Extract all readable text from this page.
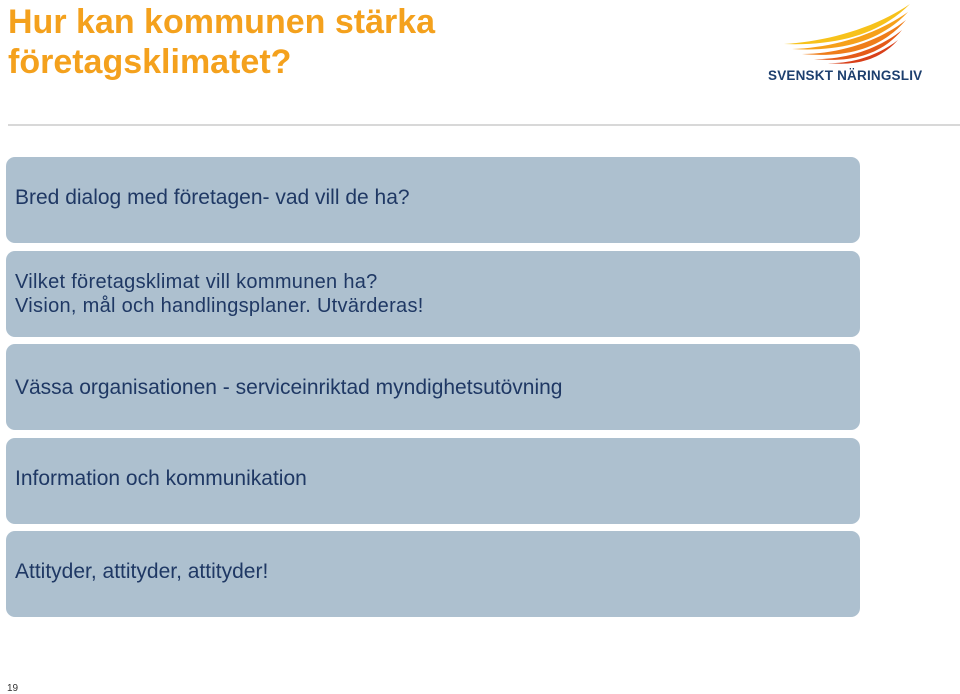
Hur kan kommunen stärka
företagsklimatet?	SVENSKT NÄRINGSLIV
Bred dialog med företagen- vad vill de ha?
Vilket företagsklimat vill kommunen ha?
Vision, mål och handlingsplaner. Utvärderas!
Vässa organisationen - serviceinriktad myndighetsutövning
Information och kommunikation
Attityder, attityder, attityder!
19
